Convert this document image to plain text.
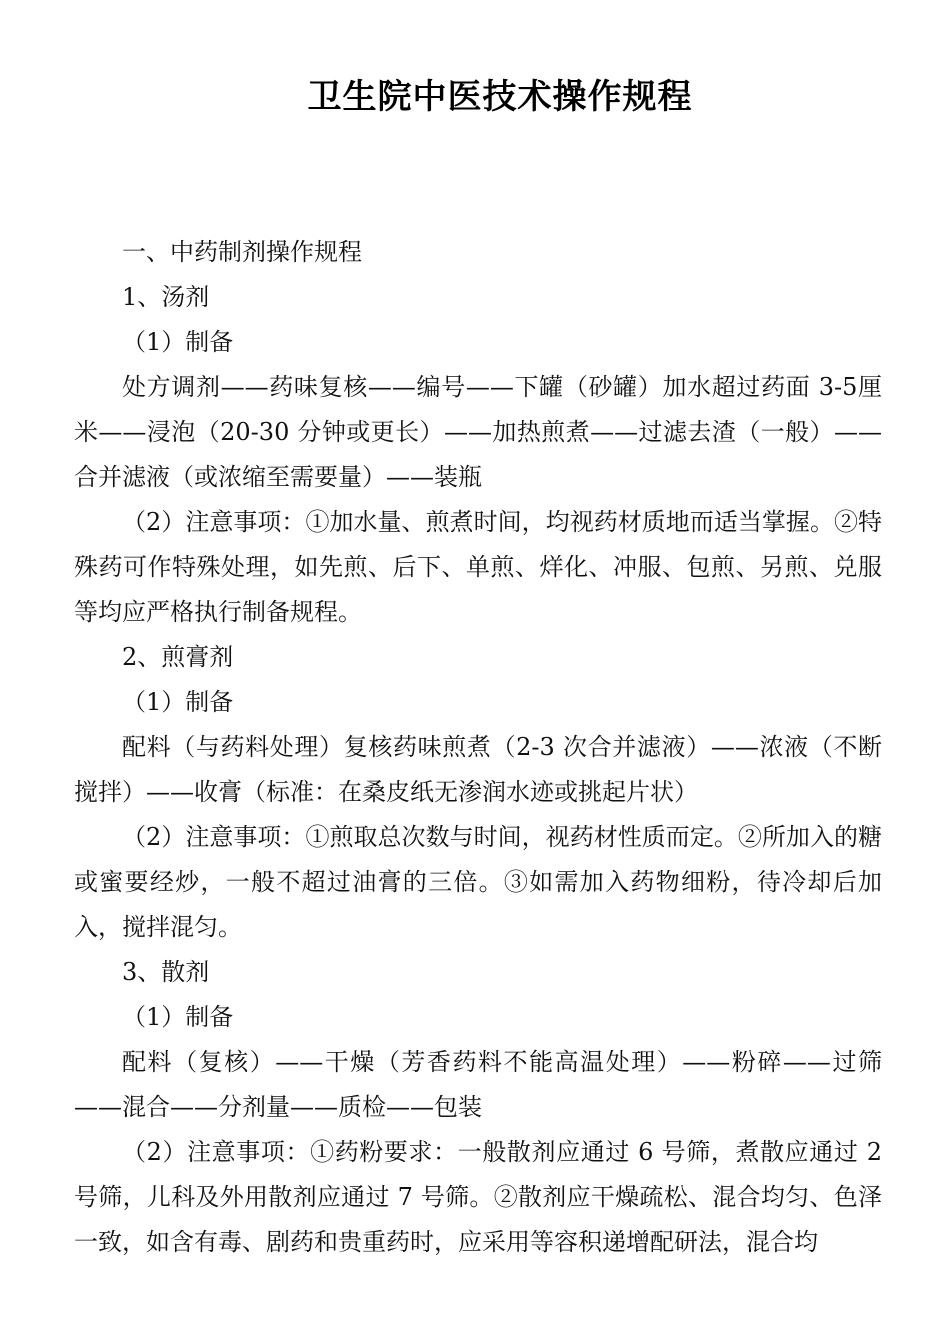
卫生院中医技术操作规程

一、中药制剂操作规程

1、汤剂

（1）制备

处方调剂——药味复核——编号——下罐（砂罐）加水超过药面 3-5厘米——浸泡（20-30 分钟或更长）——加热煎煮——过滤去渣（一般）——合并滤液（或浓缩至需要量）——装瓶

（2）注意事项：①加水量、煎煮时间，均视药材质地而适当掌握。②特殊药可作特殊处理，如先煎、后下、单煎、烊化、冲服、包煎、另煎、兑服等均应严格执行制备规程。

2、煎膏剂

（1）制备

配料（与药料处理）复核药味煎煮（2-3 次合并滤液）——浓液（不断搅拌）——收膏（标准：在桑皮纸无渗润水迹或挑起片状）

（2）注意事项：①煎取总次数与时间，视药材性质而定。②所加入的糖或蜜要经炒，一般不超过油膏的三倍。③如需加入药物细粉，待冷却后加入，搅拌混匀。

3、散剂

（1）制备

配料（复核）——干燥（芳香药料不能高温处理）——粉碎——过筛——混合——分剂量——质检——包装

（2）注意事项：①药粉要求：一般散剂应通过 6 号筛，煮散应通过 2号筛，儿科及外用散剂应通过 7 号筛。②散剂应干燥疏松、混合均匀、色泽一致，如含有毒、剧药和贵重药时，应采用等容积递增配研法，混合均
